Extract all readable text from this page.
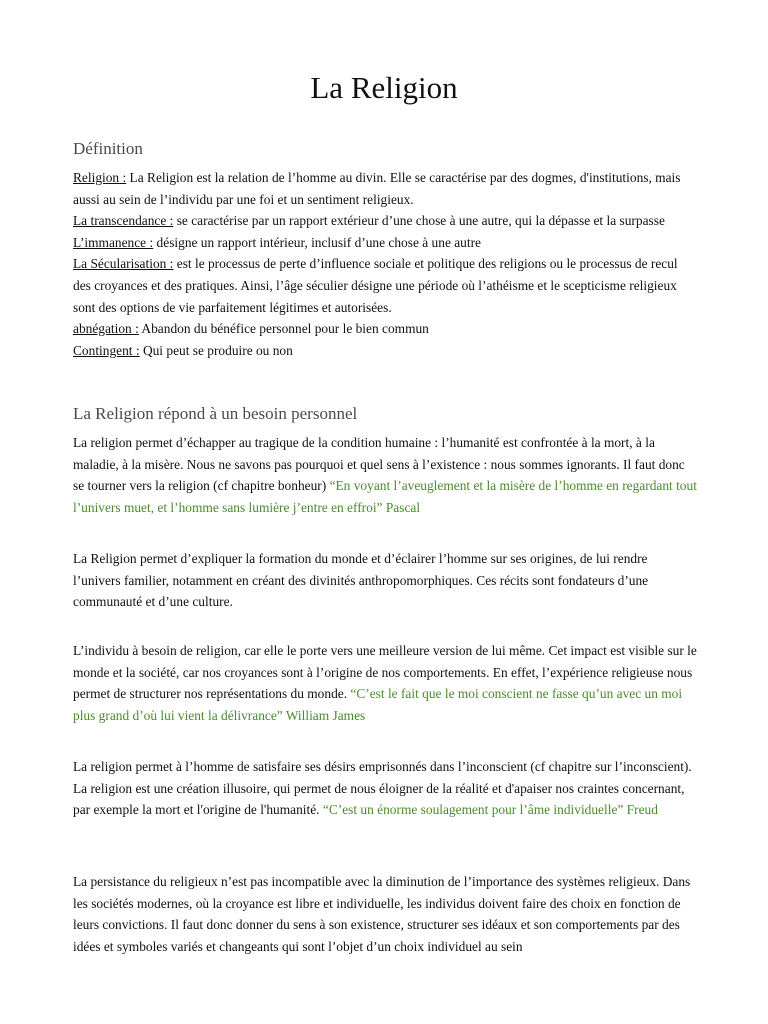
La Religion
Définition

Religion : La Religion est la relation de l’homme au divin. Elle se caractérise par des dogmes, d'institutions, mais aussi au sein de l’individu par une foi et un sentiment religieux.

La transcendance : se caractérise par un rapport extérieur d’une chose à une autre, qui la dépasse et la surpasse

L’immanence : désigne un rapport intérieur, inclusif d’une chose à une autre

La Sécularisation : est le processus de perte d’influence sociale et politique des religions ou le processus de recul des croyances et des pratiques. Ainsi, l’âge séculier désigne une période où l’athéisme et le scepticisme religieux sont des options de vie parfaitement légitimes et autorisées.

abnégation : Abandon du bénéfice personnel pour le bien commun

Contingent : Qui peut se produire ou non

La Religion répond à un besoin personnel

La religion permet d’échapper au tragique de la condition humaine : l’humanité est confrontée à la mort, à la maladie, à la misère. Nous ne savons pas pourquoi et quel sens à l’existence : nous sommes ignorants. Il faut donc se tourner vers la religion (cf chapitre bonheur) “En voyant l’aveuglement et la misère de l’homme en regardant tout l’univers muet, et l’homme sans lumière j’entre en effroi” Pascal

La Religion permet d’expliquer la formation du monde et d’éclairer l’homme sur ses origines, de lui rendre l’univers familier, notamment en créant des divinités anthropomorphiques. Ces récits sont fondateurs d’une communauté et d’une culture.

L’individu à besoin de religion, car elle le porte vers une meilleure version de lui même. Cet impact est visible sur le monde et la société, car nos croyances sont à l’origine de nos comportements. En effet, l’expérience religieuse nous permet de structurer nos représentations du monde. “C’est le fait que le moi conscient ne fasse qu’un avec un moi plus grand d’où lui vient la délivrance” William James

La religion permet à l’homme de satisfaire ses désirs emprisonnés dans l’inconscient (cf chapitre sur l’inconscient). La religion est une création illusoire, qui permet de nous éloigner de la réalité et d'apaiser nos craintes concernant, par exemple la mort et l'origine de l'humanité. “C’est un énorme soulagement pour l’âme individuelle” Freud

La persistance du religieux n’est pas incompatible avec la diminution de l’importance des systèmes religieux. Dans les sociétés modernes, où la croyance est libre et individuelle, les individus doivent faire des choix en fonction de leurs convictions. Il faut donc donner du sens à son existence, structurer ses idéaux et son comportements par des idées et symboles variés et changeants qui sont l’objet d’un choix individuel au sein
